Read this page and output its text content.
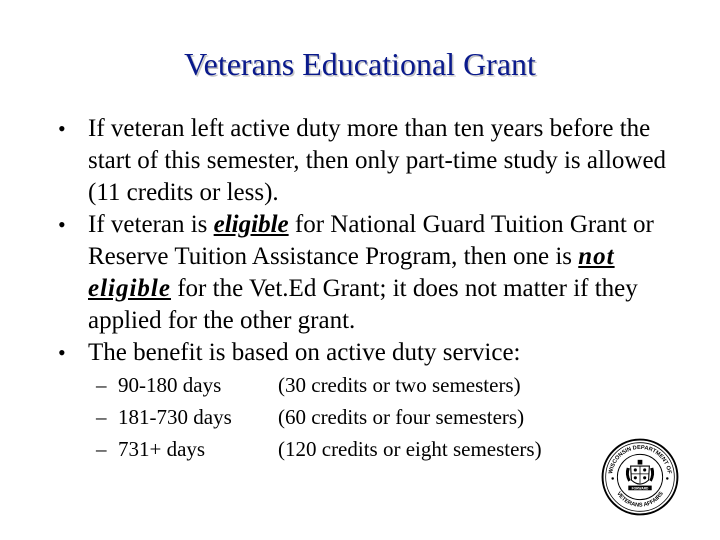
Veterans Educational Grant
• If veteran left active duty more than ten years before the start of this semester, then only part-time study is allowed (11 credits or less).
• If veteran is eligible for National Guard Tuition Grant or Reserve Tuition Assistance Program, then one is not eligible for the Vet.Ed Grant; it does not matter if they applied for the other grant.
• The benefit is based on active duty service:
–	90-180 days	(30 credits or two semesters)
–	181-730 days	(60 credits or four semesters)
–	731+ days	(120 credits or eight semesters)
WISCONSIN DEPARTMENT OF
VETERANS AFFAIRS
FORWARD
